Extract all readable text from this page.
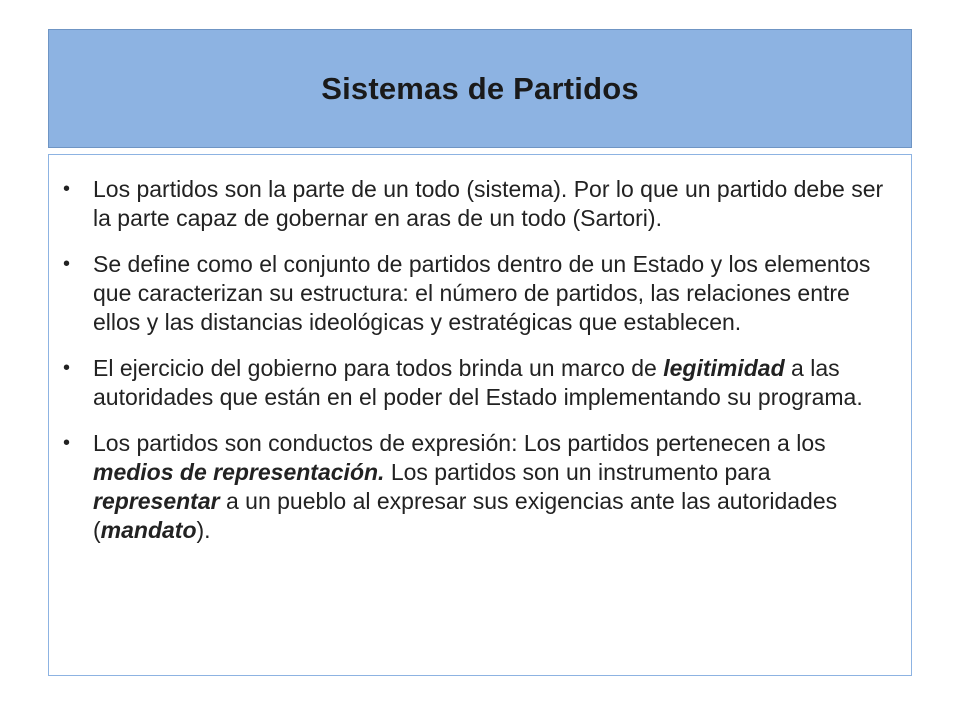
Sistemas de Partidos
• Los partidos son la parte de un todo (sistema). Por lo que un partido debe ser la parte capaz de gobernar en aras de un todo (Sartori).
• Se define como el conjunto de partidos dentro de un Estado y los elementos que caracterizan su estructura: el número de partidos, las relaciones entre ellos y las distancias ideológicas y estratégicas que establecen.
• El ejercicio del gobierno para todos brinda un marco de legitimidad a las autoridades que están en el poder del Estado implementando su programa.
• Los partidos son conductos de expresión: Los partidos pertenecen a los medios de representación. Los partidos son un instrumento para representar a un pueblo al expresar sus exigencias ante las autoridades (mandato).
